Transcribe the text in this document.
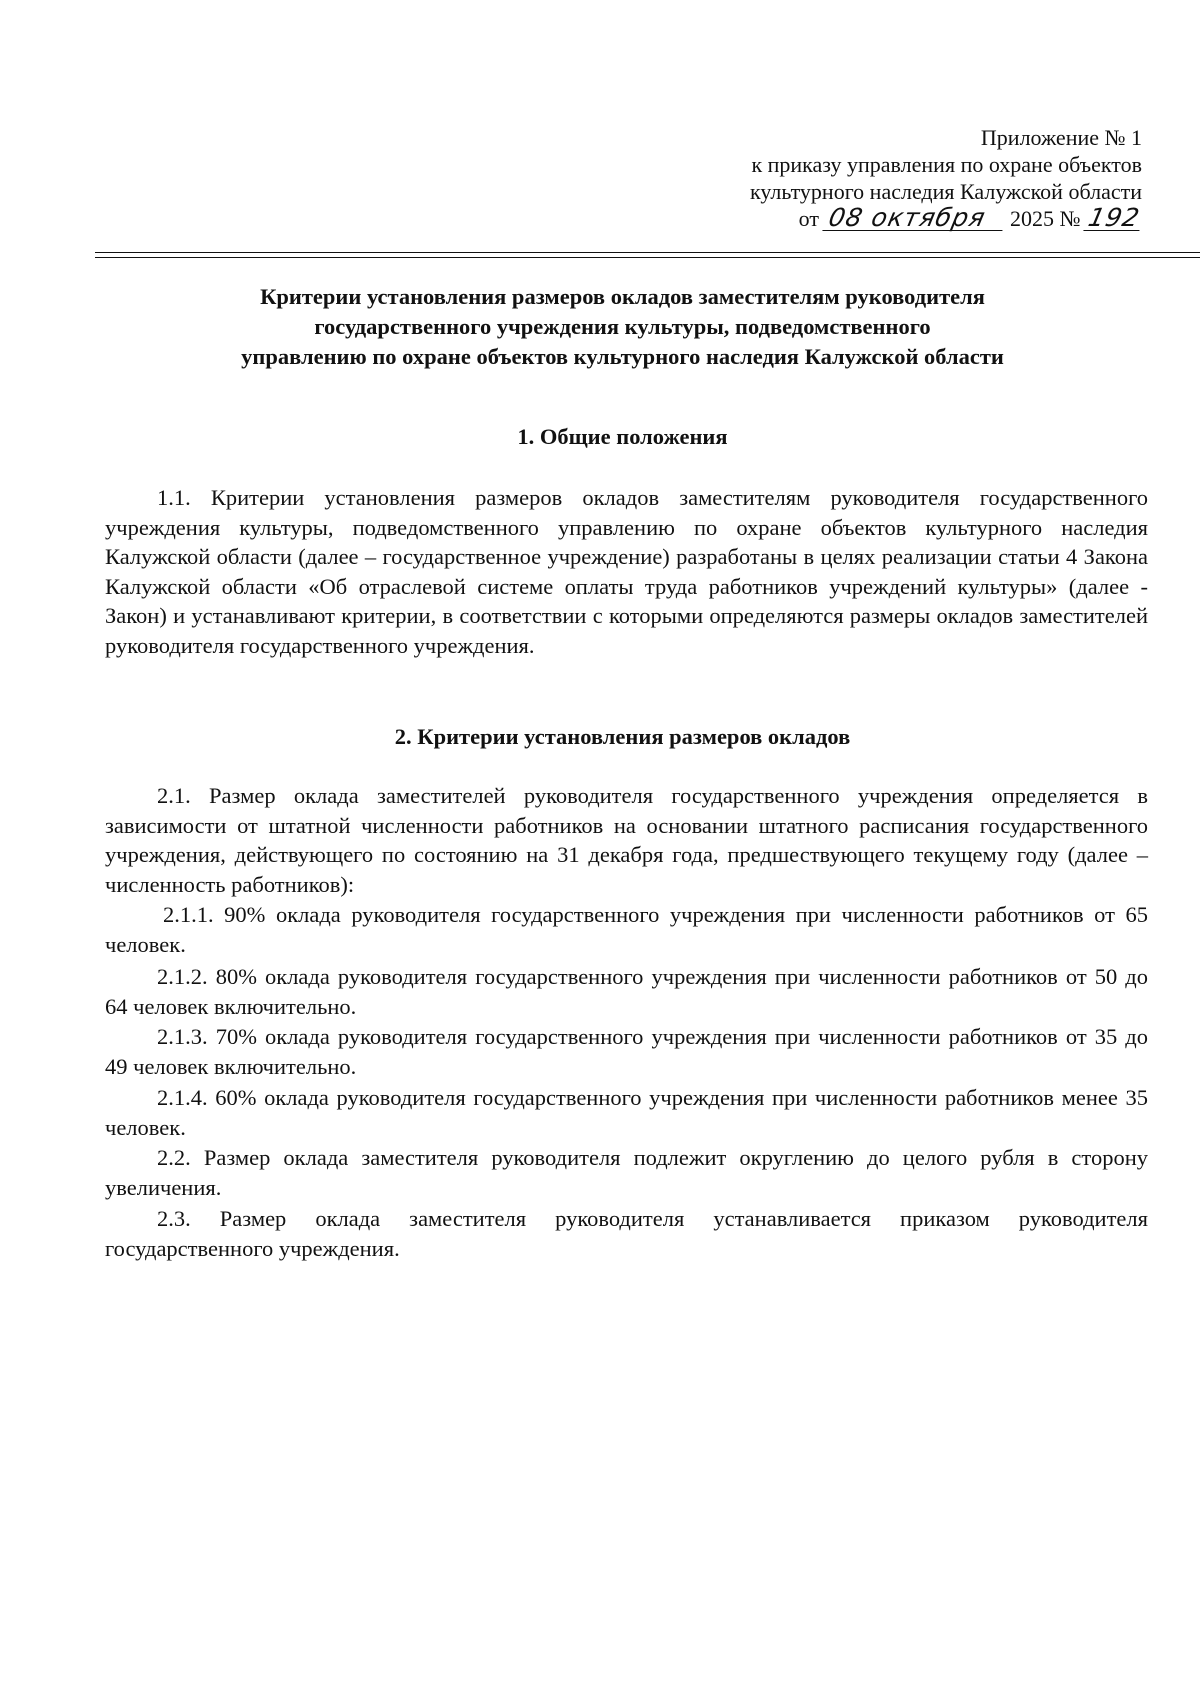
Приложение № 1
к приказу управления по охране объектов
культурного наследия Калужской области
от 08 октября 2025 № 192
Критерии установления размеров окладов заместителям руководителя
государственного учреждения культуры, подведомственного
управлению по охране объектов культурного наследия Калужской области
1. Общие положения

1.1. Критерии установления размеров окладов заместителям руководителя государственного учреждения культуры, подведомственного управлению по охране объектов культурного наследия Калужской области (далее – государственное учреждение) разработаны в целях реализации статьи 4 Закона Калужской области «Об отраслевой системе оплаты труда работников учреждений культуры» (далее - Закон) и устанавливают критерии, в соответствии с которыми определяются размеры окладов заместителей руководителя государственного учреждения.

2. Критерии установления размеров окладов

2.1. Размер оклада заместителей руководителя государственного учреждения определяется в зависимости от штатной численности работников на основании штатного расписания государственного учреждения, действующего по состоянию на 31 декабря года, предшествующего текущему году (далее – численность работников):

2.1.1. 90% оклада руководителя государственного учреждения при численности работников от 65 человек.

2.1.2. 80% оклада руководителя государственного учреждения при численности работников от 50 до 64 человек включительно.

2.1.3. 70% оклада руководителя государственного учреждения при численности работников от 35 до 49 человек включительно.

2.1.4. 60% оклада руководителя государственного учреждения при численности работников менее 35 человек.

2.2. Размер оклада заместителя руководителя подлежит округлению до целого рубля в сторону увеличения.

2.3. Размер оклада заместителя руководителя устанавливается приказом руководителя государственного учреждения.
